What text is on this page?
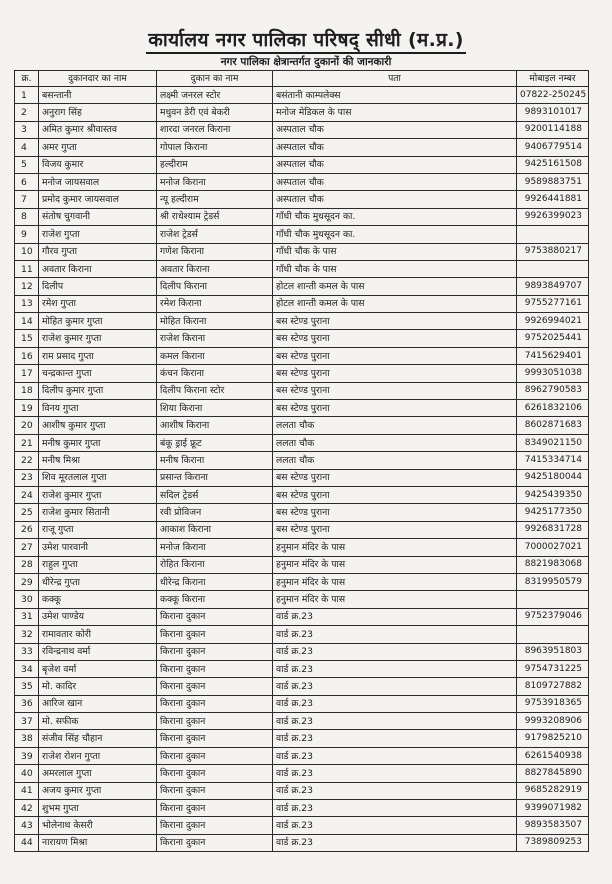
कार्यालय नगर पालिका परिषद् सीधी (म.प्र.)
नगर पालिका क्षेत्रान्तर्गत दुकानों की जानकारी
क्र.	दुकानदार का नाम	दुकान का नाम	पता	मोबाइल नम्बर
1	बसन्तानी	लक्ष्मी जनरल स्टोर	बसंतानी काम्पलेक्स	07822-250245
2	अनुराग सिंह	मधुवन डेरी एवं बेकरी	मनोज मेडिकल के पास	9893101017
3	अमित कुमार श्रीवास्तव	शारदा जनरल किराना	अस्पताल चौक	9200114188
4	अमर गुप्ता	गोपाल किराना	अस्पताल चौक	9406779514
5	विजय कुमार	हल्दीराम	अस्पताल चौक	9425161508
6	मनोज जायसवाल	मनोज किराना	अस्पताल चौक	9589883751
7	प्रमोद कुमार जायसवाल	न्यू हल्दीराम	अस्पताल चौक	9926441881
8	संतोष चुगवानी	श्री राधेश्याम ट्रेडर्स	गाँधी चौक मुधसूदन का.	9926399023
9	राजेश गुप्ता	राजेश ट्रेडर्स	गाँधी चौक मुधसूदन का.	
10	गौरव गुप्ता	गणेश किराना	गाँधी चौक के पास	9753880217
11	अवतार किराना	अवतार किराना	गाँधी चौक के पास	
12	दिलीप	दिलीप किराना	होटल शान्ती कमल के पास	9893849707
13	रमेश गुप्ता	रमेश किराना	होटल शान्ती कमल के पास	9755277161
14	मोहित कुमार गुप्ता	मोहित किराना	बस स्टेण्ड पुराना	9926994021
15	राजेश कुमार गुप्ता	राजेश किराना	बस स्टेण्ड पुराना	9752025441
16	राम प्रसाद गुप्ता	कमल किराना	बस स्टेण्ड पुराना	7415629401
17	चन्द्रकान्त गुप्ता	कंचन किराना	बस स्टेण्ड पुराना	9993051038
18	दिलीप कुमार गुप्ता	दिलीप किराना स्टोर	बस स्टेण्ड पुराना	8962790583
19	विनय गुप्ता	शिया किराना	बस स्टेण्ड पुराना	6261832106
20	आशीष कुमार गुप्ता	आशीष किराना	ललता चौक	8602871683
21	मनीष कुमार गुप्ता	बंकू ड्राई फ्रूट	ललता चौक	8349021150
22	मनीष मिश्रा	मनीष किराना	ललता चौक	7415334714
23	शिव मूरतलाल गुप्ता	प्रसान्त किराना	बस स्टेण्ड पुराना	9425180044
24	राजेश कुमार गुप्ता	सदिल ट्रेडर्स	बस स्टेण्ड पुराना	9425439350
25	राजेश कुमार सितानी	रवी प्रोविजन	बस स्टेण्ड पुराना	9425177350
26	राजू गुप्ता	आकाश किराना	बस स्टेण्ड पुराना	9926831728
27	उमेश पारवानी	मनोज किराना	हनुमान मंदिर के पास	7000027021
28	राहुल गुप्ता	रोहित किराना	हनुमान मंदिर के पास	8821983068
29	धीरेन्द्र गुप्ता	धीरेन्द्र किराना	हनुमान मंदिर के पास	8319950579
30	कक्कू	कक्कू किराना	हनुमान मंदिर के पास	
31	उमेश पाण्डेय	किराना दुकान	वार्ड क्र.23	9752379046
32	रामावतार कोरी	किराना दुकान	वार्ड क्र.23	
33	रविन्द्रनाथ वर्मा	किराना दुकान	वार्ड क्र.23	8963951803
34	बृजेश वर्मा	किराना दुकान	वार्ड क्र.23	9754731225
35	मो. कादिर	किराना दुकान	वार्ड क्र.23	8109727882
36	आरिज खान	किराना दुकान	वार्ड क्र.23	9753918365
37	मो. सफीक	किराना दुकान	वार्ड क्र.23	9993208906
38	संजीव सिंह चौहान	किराना दुकान	वार्ड क्र.23	9179825210
39	राजेश रोशन गुप्ता	किराना दुकान	वार्ड क्र.23	6261540938
40	अमरलाल गुप्ता	किराना दुकान	वार्ड क्र.23	8827845890
41	अजय कुमार गुप्ता	किराना दुकान	वार्ड क्र.23	9685282919
42	शुभम गुप्ता	किराना दुकान	वार्ड क्र.23	9399071982
43	भोलेनाथ केसरी	किराना दुकान	वार्ड क्र.23	9893583507
44	नारायण मिश्रा	किराना दुकान	वार्ड क्र.23	7389809253
